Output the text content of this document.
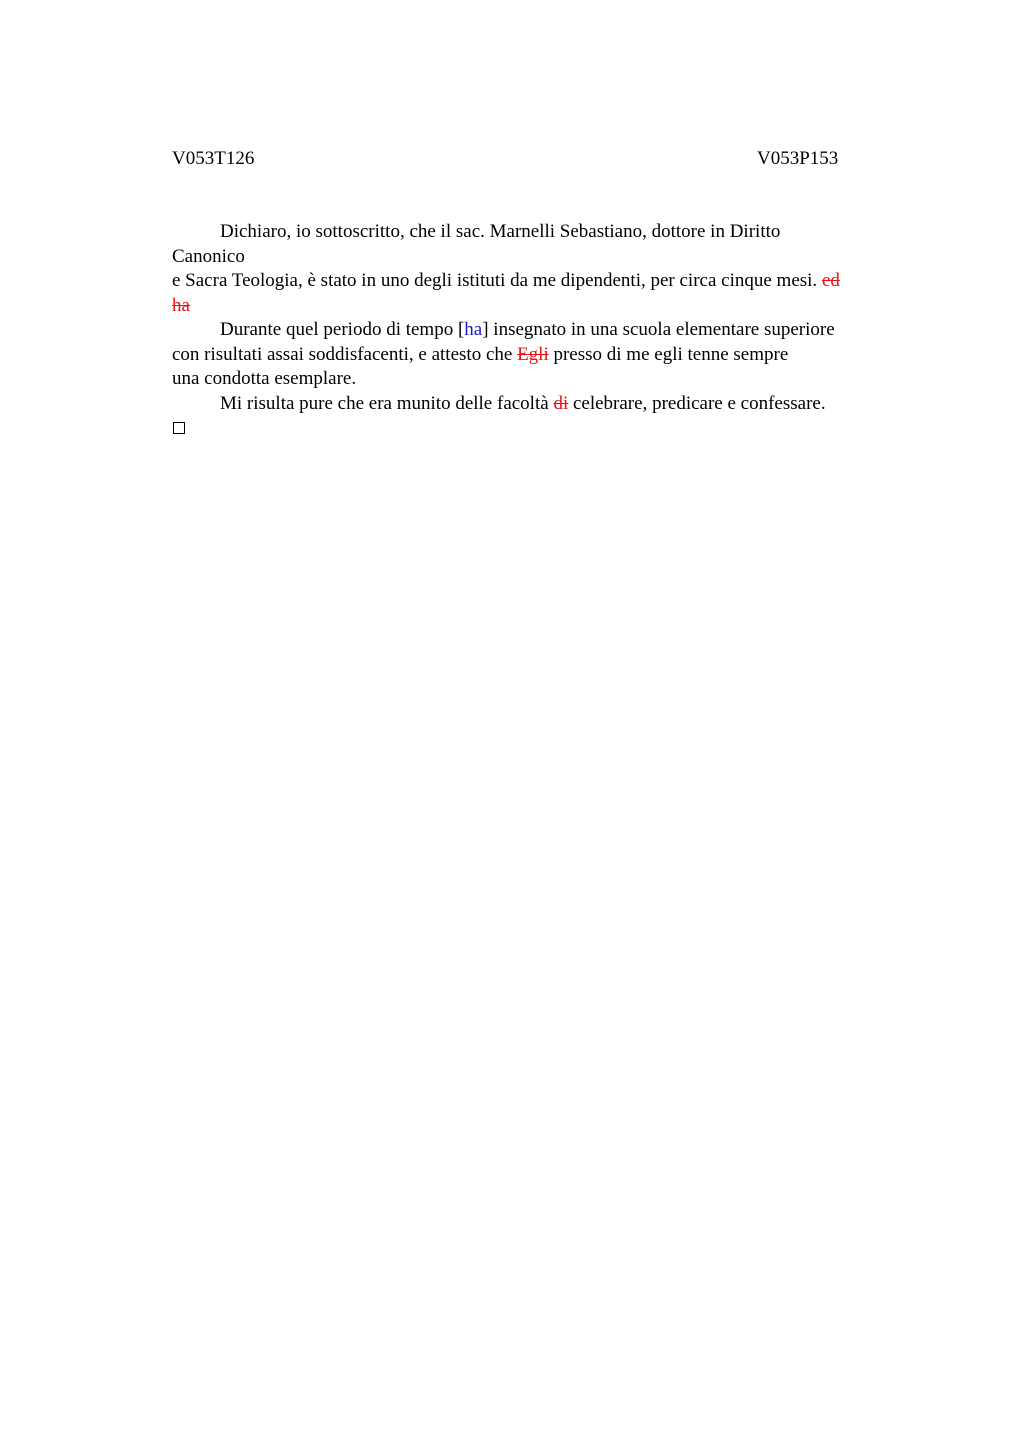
V053T126	V053P153
Dichiaro, io sottoscritto, che il sac. Marnelli Sebastiano, dottore in Diritto
Canonico
e Sacra Teologia, è stato in uno degli istituti da me dipendenti, per circa cinque mesi. ed
ha
Durante quel periodo di tempo [ha] insegnato in una scuola elementare superiore
con risultati assai soddisfacenti, e attesto che Egli presso di me egli tenne sempre
una condotta esemplare.
Mi risulta pure che era munito delle facoltà di celebrare, predicare e confessare.
